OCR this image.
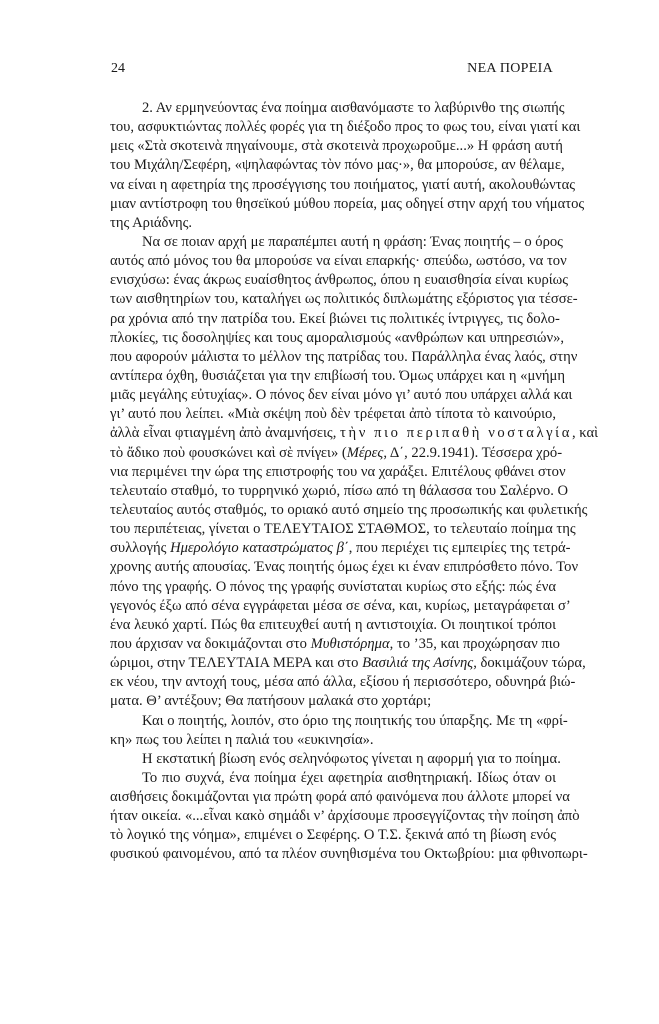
24	ΝΕΑ ΠΟΡΕΙΑ
2. Αν ερμηνεύοντας ένα ποίημα αισθανόμαστε το λαβύρινθο της σιωπής
του, ασφυκτιώντας πολλές φορές για τη διέξοδο προς το φως του, είναι γιατί και
μεις «Στὰ σκοτεινὰ πηγαίνουμε, στὰ σκοτεινὰ προχωροῦμε...» Η φράση αυτή
του Μιχάλη/Σεφέρη, «ψηλαφώντας τὸν πόνο μας·», θα μπορούσε, αν θέλαμε,
να είναι η αφετηρία της προσέγγισης του ποιήματος, γιατί αυτή, ακολουθώντας
μιαν αντίστροφη του θησεϊκού μύθου πορεία, μας οδηγεί στην αρχή του νήματος
της Αριάδνης.
Να σε ποιαν αρχή με παραπέμπει αυτή η φράση: Ένας ποιητής – ο όρος
αυτός από μόνος του θα μπορούσε να είναι επαρκής· σπεύδω, ωστόσο, να τον
ενισχύσω: ένας άκρως ευαίσθητος άνθρωπος, όπου η ευαισθησία είναι κυρίως
των αισθητηρίων του, καταλήγει ως πολιτικός διπλωμάτης εξόριστος για τέσσε-
ρα χρόνια από την πατρίδα του. Εκεί βιώνει τις πολιτικές ίντριγγες, τις δολο-
πλοκίες, τις δοσοληψίες και τους αμοραλισμούς «ανθρώπων και υπηρεσιών»,
που αφορούν μάλιστα το μέλλον της πατρίδας του. Παράλληλα ένας λαός, στην
αντίπερα όχθη, θυσιάζεται για την επιβίωσή του. Όμως υπάρχει και η «μνήμη
μιᾶς μεγάλης εὐτυχίας». Ο πόνος δεν είναι μόνο γι’ αυτό που υπάρχει αλλά και
γι’ αυτό που λείπει. «Μιὰ σκέψη ποὺ δὲν τρέφεται ἀπὸ τίποτα τὸ καινούριο,
ἀλλὰ εἶναι φτιαγμένη ἀπὸ ἀναμνήσεις, τὴν πιο περιπαθὴ νοσταλγία, καὶ
τὸ ἄδικο ποὺ φουσκώνει καὶ σὲ πνίγει» (Μέρες, Δ΄, 22.9.1941). Τέσσερα χρό-
νια περιμένει την ώρα της επιστροφής του να χαράξει. Επιτέλους φθάνει στον
τελευταίο σταθμό, το τυρρηνικό χωριό, πίσω από τη θάλασσα του Σαλέρνο. Ο
τελευταίος αυτός σταθμός, το οριακό αυτό σημείο της προσωπικής και φυλετικής
του περιπέτειας, γίνεται ο ΤΕΛΕΥΤΑΙΟΣ ΣΤΑΘΜΟΣ, το τελευταίο ποίημα της
συλλογής Ημερολόγιο καταστρώματος β΄, που περιέχει τις εμπειρίες της τετρά-
χρονης αυτής απουσίας. Ένας ποιητής όμως έχει κι έναν επιπρόσθετο πόνο. Τον
πόνο της γραφής. Ο πόνος της γραφής συνίσταται κυρίως στο εξής: πώς ένα
γεγονός έξω από σένα εγγράφεται μέσα σε σένα, και, κυρίως, μεταγράφεται σ’
ένα λευκό χαρτί. Πώς θα επιτευχθεί αυτή η αντιστοιχία. Οι ποιητικοί τρόποι
που άρχισαν να δοκιμάζονται στο Μυθιστόρημα, το ’35, και προχώρησαν πιο
ώριμοι, στην ΤΕΛΕΥΤΑΙΑ ΜΕΡΑ και στο Βασιλιά της Ασίνης, δοκιμάζουν τώρα,
εκ νέου, την αντοχή τους, μέσα από άλλα, εξίσου ή περισσότερο, οδυνηρά βιώ-
ματα. Θ’ αντέξουν; Θα πατήσουν μαλακά στο χορτάρι;
Και ο ποιητής, λοιπόν, στο όριο της ποιητικής του ύπαρξης. Με τη «φρί-
κη» πως του λείπει η παλιά του «ευκινησία».
Η εκστατική βίωση ενός σεληνόφωτος γίνεται η αφορμή για το ποίημα.
Το πιο συχνά, ένα ποίημα έχει αφετηρία αισθητηριακή. Ιδίως όταν οι
αισθήσεις δοκιμάζονται για πρώτη φορά από φαινόμενα που άλλοτε μπορεί να
ήταν οικεία. «...εἶναι κακὸ σημάδι ν’ ἀρχίσουμε προσεγγίζοντας τὴν ποίηση ἀπὸ
τὸ λογικό της νόημα», επιμένει ο Σεφέρης. Ο Τ.Σ. ξεκινά από τη βίωση ενός
φυσικού φαινομένου, από τα πλέον συνηθισμένα του Οκτωβρίου: μια φθινοπωρι-
